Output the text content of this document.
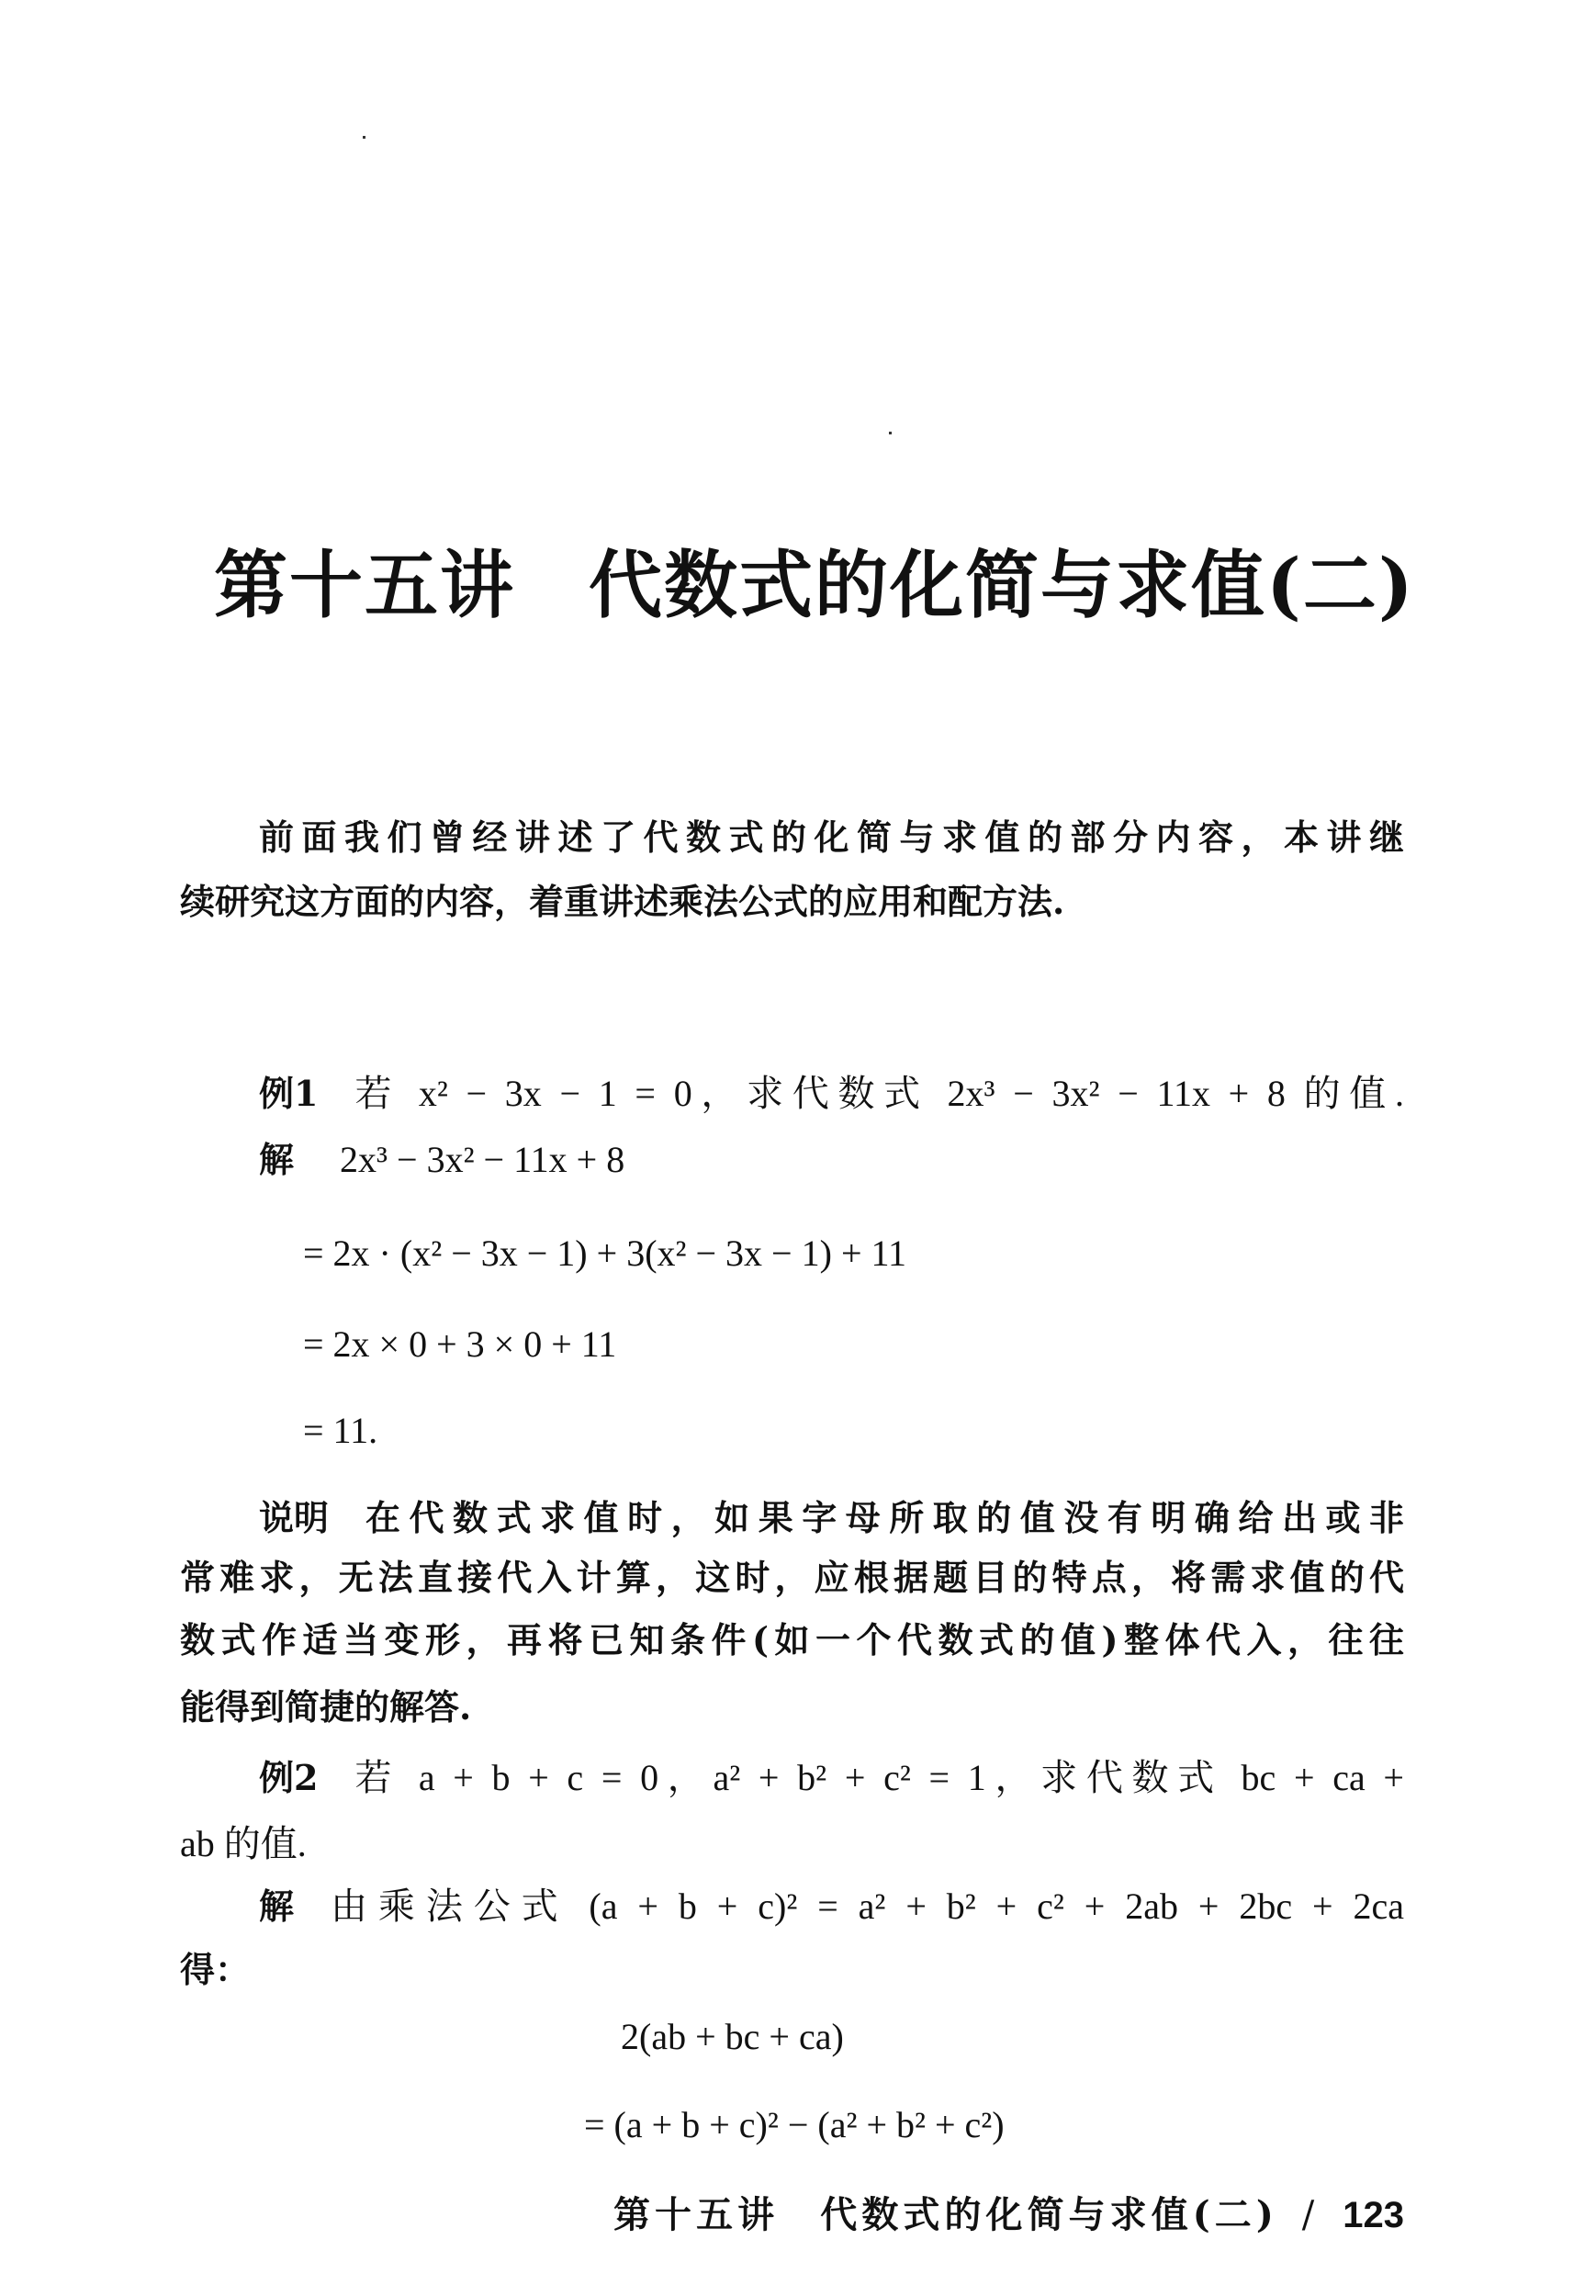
第十五讲 代数式的化简与求值(二)
前面我们曾经讲述了代数式的化简与求值的部分内容，本讲继
续研究这方面的内容，着重讲述乘法公式的应用和配方法.
例1 若 x² − 3x − 1 = 0，求代数式 2x³ − 3x² − 11x + 8 的值.
解 2x³ − 3x² − 11x + 8
= 2x · (x² − 3x − 1) + 3(x² − 3x − 1) + 11
= 2x × 0 + 3 × 0 + 11
= 11.
说明 在代数式求值时，如果字母所取的值没有明确给出或非
常难求，无法直接代入计算，这时，应根据题目的特点，将需求值的代
数式作适当变形，再将已知条件(如一个代数式的值)整体代入，往往
能得到简捷的解答.
例2 若 a + b + c = 0，a² + b² + c² = 1，求代数式 bc + ca +
ab 的值.
解 由乘法公式 (a + b + c)² = a² + b² + c² + 2ab + 2bc + 2ca
得：
2(ab + bc + ca)
= (a + b + c)² − (a² + b² + c²)
第十五讲　代数式的化简与求值(二) / 123
